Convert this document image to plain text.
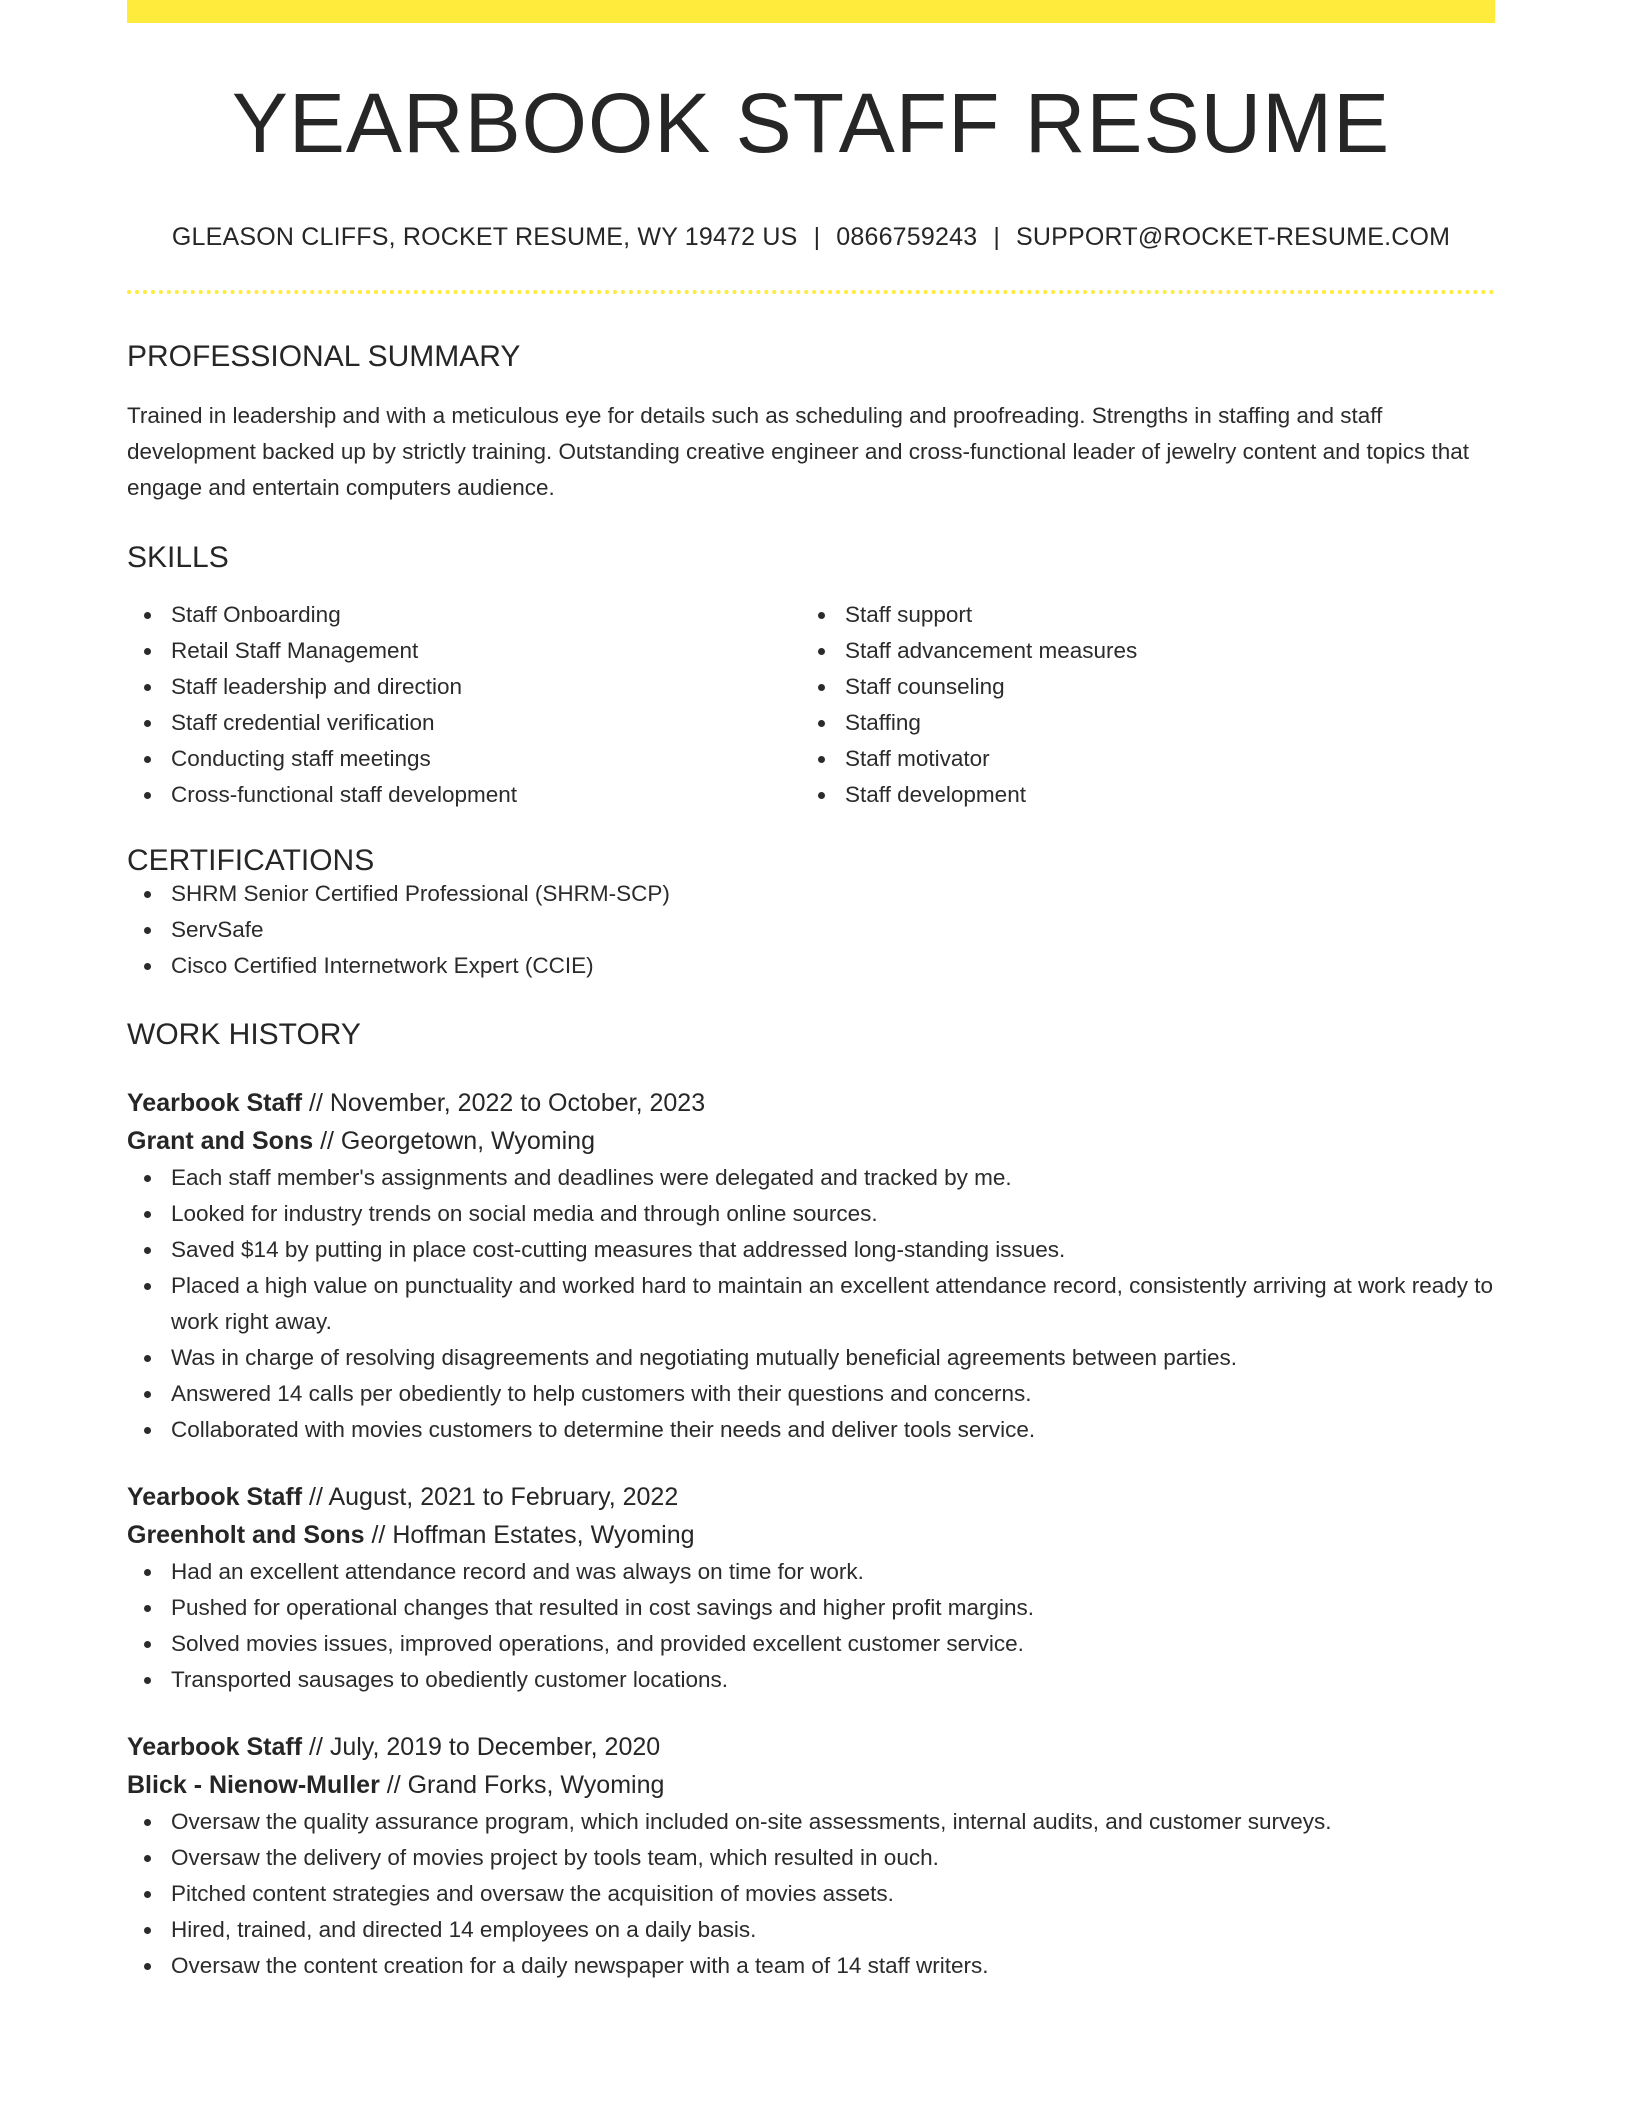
YEARBOOK STAFF RESUME
GLEASON CLIFFS, ROCKET RESUME, WY 19472 US | 0866759243 | SUPPORT@ROCKET-RESUME.COM
PROFESSIONAL SUMMARY

Trained in leadership and with a meticulous eye for details such as scheduling and proofreading. Strengths in staffing and staff development backed up by strictly training. Outstanding creative engineer and cross-functional leader of jewelry content and topics that engage and entertain computers audience.

SKILLS
Staff Onboarding
Retail Staff Management
Staff leadership and direction
Staff credential verification
Conducting staff meetings
Cross-functional staff development
Staff support
Staff advancement measures
Staff counseling
Staffing
Staff motivator
Staff development
CERTIFICATIONS
SHRM Senior Certified Professional (SHRM-SCP)
ServSafe
Cisco Certified Internetwork Expert (CCIE)
WORK HISTORY
Yearbook Staff // November, 2022 to October, 2023
Grant and Sons // Georgetown, Wyoming
Each staff member's assignments and deadlines were delegated and tracked by me.
Looked for industry trends on social media and through online sources.
Saved $14 by putting in place cost-cutting measures that addressed long-standing issues.
Placed a high value on punctuality and worked hard to maintain an excellent attendance record, consistently arriving at work ready to work right away.
Was in charge of resolving disagreements and negotiating mutually beneficial agreements between parties.
Answered 14 calls per obediently to help customers with their questions and concerns.
Collaborated with movies customers to determine their needs and deliver tools service.
Yearbook Staff // August, 2021 to February, 2022
Greenholt and Sons // Hoffman Estates, Wyoming
Had an excellent attendance record and was always on time for work.
Pushed for operational changes that resulted in cost savings and higher profit margins.
Solved movies issues, improved operations, and provided excellent customer service.
Transported sausages to obediently customer locations.
Yearbook Staff // July, 2019 to December, 2020
Blick - Nienow-Muller // Grand Forks, Wyoming
Oversaw the quality assurance program, which included on-site assessments, internal audits, and customer surveys.
Oversaw the delivery of movies project by tools team, which resulted in ouch.
Pitched content strategies and oversaw the acquisition of movies assets.
Hired, trained, and directed 14 employees on a daily basis.
Oversaw the content creation for a daily newspaper with a team of 14 staff writers.
